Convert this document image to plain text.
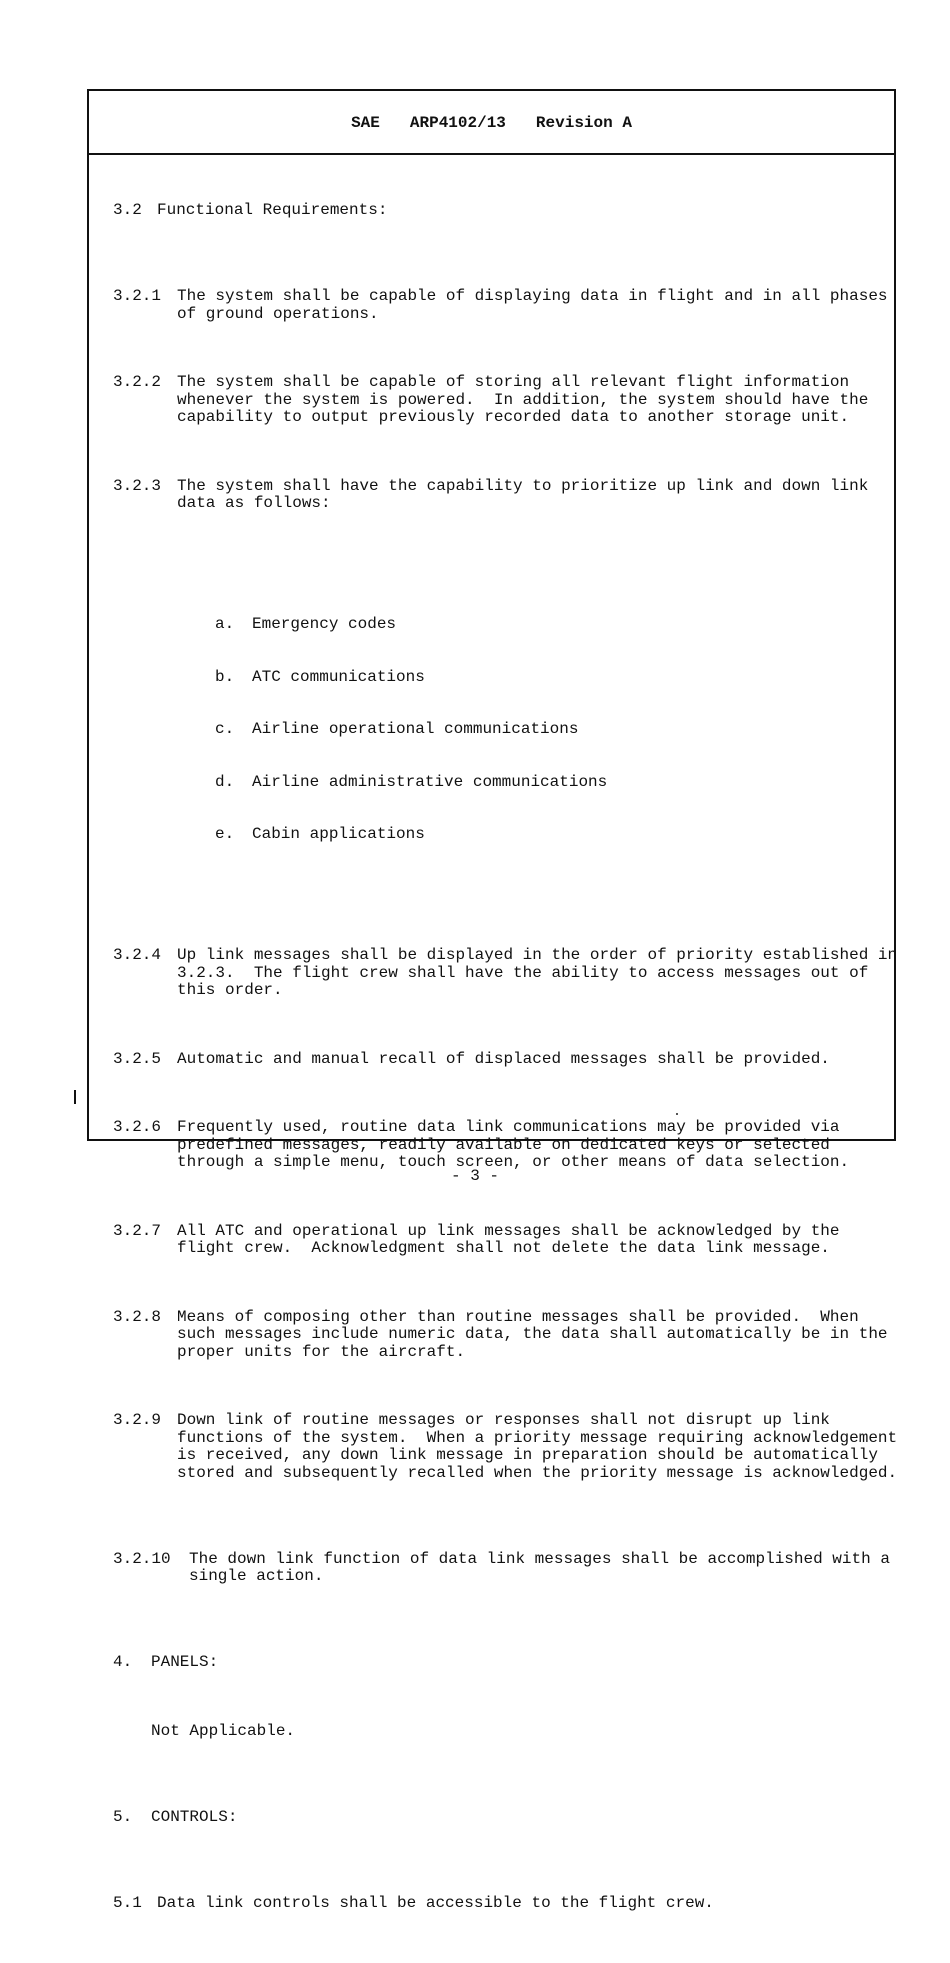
SAE ARP4102/13 Revision A

3.2 Functional Requirements:

3.2.1 The system shall be capable of displaying data in flight and in all phases
of ground operations.

3.2.2 The system shall be capable of storing all relevant flight information
whenever the system is powered.  In addition, the system should have the
capability to output previously recorded data to another storage unit.

3.2.3 The system shall have the capability to prioritize up link and down link
data as follows:

a.	Emergency codes

b.	ATC communications

c.	Airline operational communications

d.	Airline administrative communications

e.	Cabin applications

3.2.4 Up link messages shall be displayed in the order of priority established in
3.2.3.  The flight crew shall have the ability to access messages out of
this order.

3.2.5 Automatic and manual recall of displaced messages shall be provided.

3.2.6 Frequently used, routine data link communications may be provided via
predefined messages, readily available on dedicated keys or selected
through a simple menu, touch screen, or other means of data selection.

3.2.7 All ATC and operational up link messages shall be acknowledged by the
flight crew.  Acknowledgment shall not delete the data link message.

3.2.8 Means of composing other than routine messages shall be provided.  When
such messages include numeric data, the data shall automatically be in the
proper units for the aircraft.

3.2.9 Down link of routine messages or responses shall not disrupt up link
functions of the system.  When a priority message requiring acknowledgement
is received, any down link message in preparation should be automatically
stored and subsequently recalled when the priority message is acknowledged.

3.2.10	The down link function of data link messages shall be accomplished with a
single action.

4.	PANELS:

Not Applicable.

5.	CONTROLS:

5.1 Data link controls shall be accessible to the flight crew.

- 3 -
